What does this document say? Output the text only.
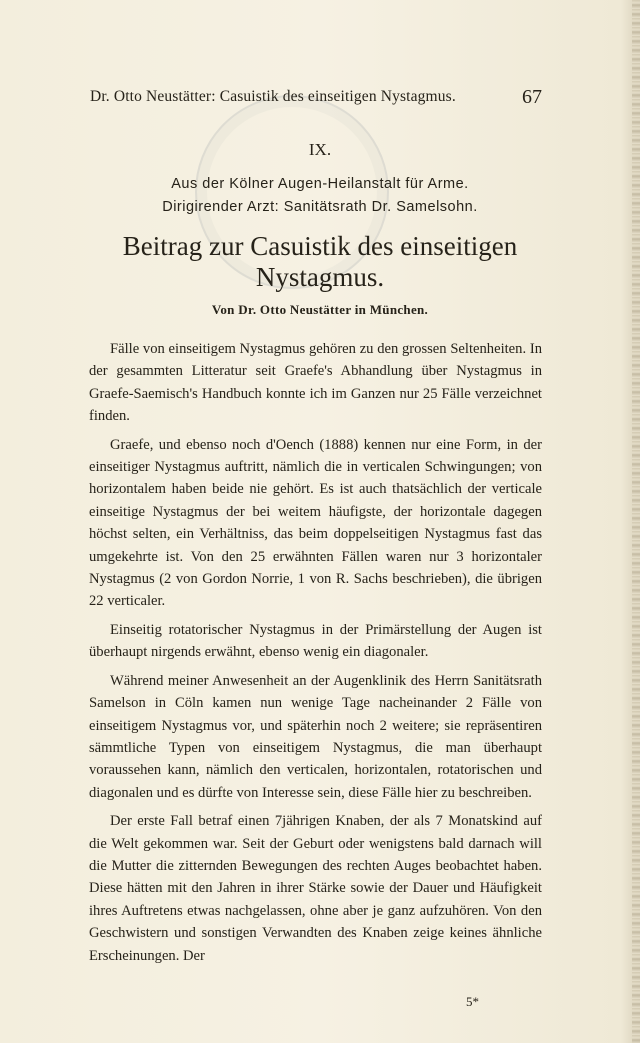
Dr. Otto Neustätter: Casuistik des einseitigen Nystagmus.	67
IX.
Aus der Kölner Augen-Heilanstalt für Arme.
Dirigirender Arzt: Sanitätsrath Dr. Samelsohn.
Beitrag zur Casuistik des einseitigen
Nystagmus.
Von Dr. Otto Neustätter in München.

Fälle von einseitigem Nystagmus gehören zu den grossen Seltenheiten. In der gesammten Litteratur seit Graefe's Abhandlung über Nystagmus in Graefe-Saemisch's Handbuch konnte ich im Ganzen nur 25 Fälle verzeichnet finden.

Graefe, und ebenso noch d'Oench (1888) kennen nur eine Form, in der einseitiger Nystagmus auftritt, nämlich die in verticalen Schwingungen; von horizontalem haben beide nie gehört. Es ist auch thatsächlich der verticale einseitige Nystagmus der bei weitem häufigste, der horizontale dagegen höchst selten, ein Verhältniss, das beim doppelseitigen Nystagmus fast das umgekehrte ist. Von den 25 erwähnten Fällen waren nur 3 horizontaler Nystagmus (2 von Gordon Norrie, 1 von R. Sachs beschrieben), die übrigen 22 verticaler.

Einseitig rotatorischer Nystagmus in der Primärstellung der Augen ist überhaupt nirgends erwähnt, ebenso wenig ein diagonaler.

Während meiner Anwesenheit an der Augenklinik des Herrn Sanitätsrath Samelson in Cöln kamen nun wenige Tage nacheinander 2 Fälle von einseitigem Nystagmus vor, und späterhin noch 2 weitere; sie repräsentiren sämmtliche Typen von einseitigem Nystagmus, die man überhaupt voraussehen kann, nämlich den verticalen, horizontalen, rotatorischen und diagonalen und es dürfte von Interesse sein, diese Fälle hier zu beschreiben.

Der erste Fall betraf einen 7jährigen Knaben, der als 7 Monatskind auf die Welt gekommen war. Seit der Geburt oder wenigstens bald darnach will die Mutter die zitternden Bewegungen des rechten Auges beobachtet haben. Diese hätten mit den Jahren in ihrer Stärke sowie der Dauer und Häufigkeit ihres Auftretens etwas nachgelassen, ohne aber je ganz aufzuhören. Von den Geschwistern und sonstigen Verwandten des Knaben zeige keines ähnliche Erscheinungen. Der

5*
